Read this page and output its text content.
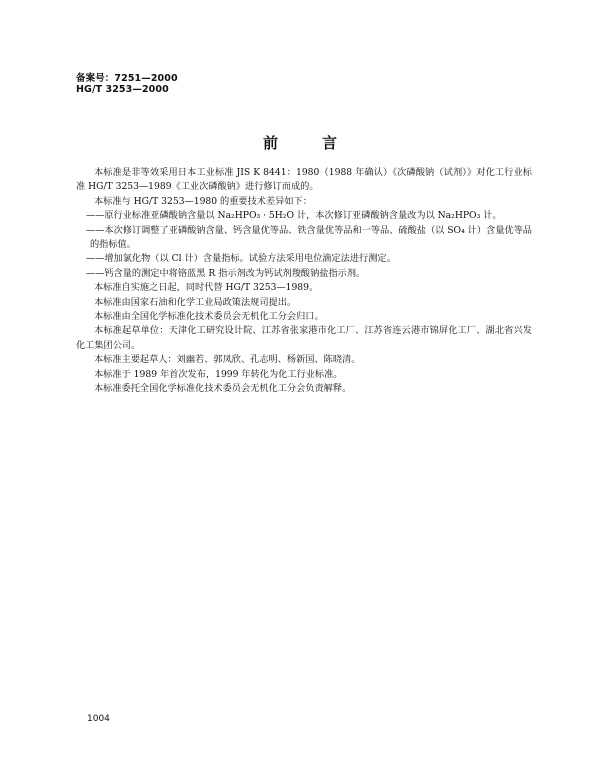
备案号：7251—2000
HG/T 3253—2000
前言
本标准是非等效采用日本工业标准 JIS K 8441：1980（1988 年确认）《次磷酸钠（试剂）》对化工行业标准 HG/T 3253—1989《工业次磷酸钠》进行修订而成的。
本标准与 HG/T 3253—1980 的重要技术差异如下：
——原行业标准亚磷酸钠含量以 Na₂HPO₃ · 5H₂O 计，本次修订亚磷酸钠含量改为以 Na₂HPO₃ 计。
——本次修订调整了亚磷酸钠含量、钙含量优等品、铁含量优等品和一等品、硫酸盐（以 SO₄ 计）含量优等品的指标值。
——增加氯化物（以 Cl 计）含量指标。试验方法采用电位滴定法进行测定。
——钙含量的测定中将铬蓝黑 R 指示剂改为钙试剂羧酸钠盐指示剂。
本标准自实施之日起，同时代替 HG/T 3253—1989。
本标准由国家石油和化学工业局政策法规司提出。
本标准由全国化学标准化技术委员会无机化工分会归口。
本标准起草单位：天津化工研究设计院、江苏省张家港市化工厂、江苏省连云港市锦屏化工厂、湖北省兴发化工集团公司。
本标准主要起草人：刘幽若、郭凤欣、孔志明、杨新国、陈晓清。
本标准于 1989 年首次发布，1999 年转化为化工行业标准。
本标准委托全国化学标准化技术委员会无机化工分会负责解释。
1004
